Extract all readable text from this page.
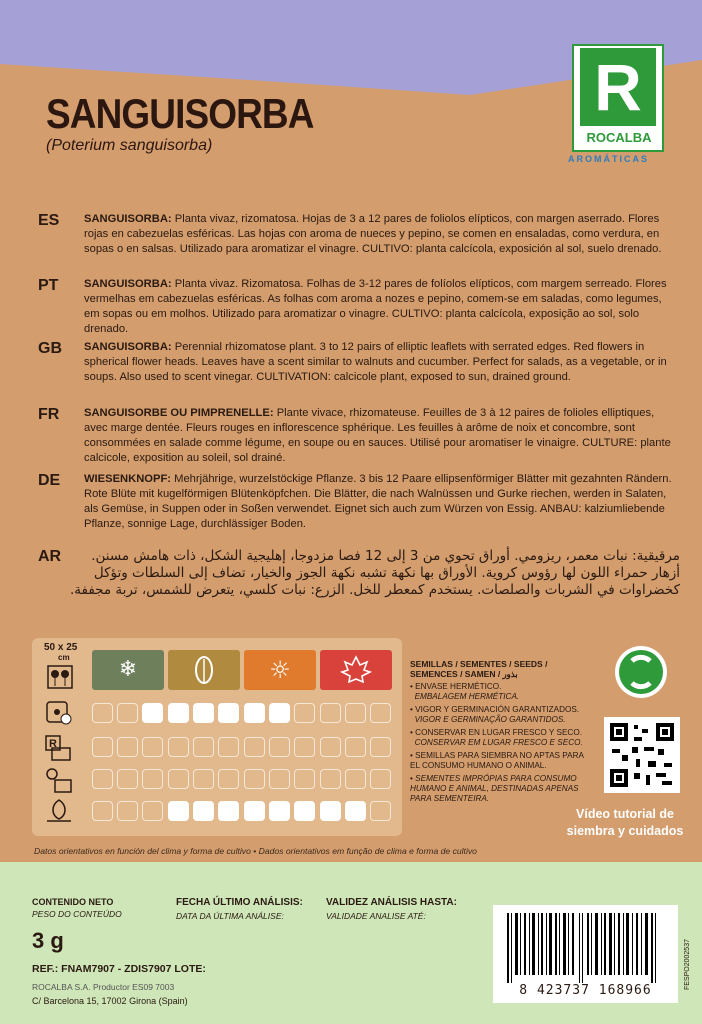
SANGUISORBA
(Poterium sanguisorba)
R
ROCALBA
AROMÁTICAS
ES SANGUISORBA: Planta vivaz, rizomatosa. Hojas de 3 a 12 pares de foliolos elípticos, con margen aserrado. Flores rojas en cabezuelas esféricas. Las hojas con aroma de nueces y pepino, se comen en ensaladas, como verdura, en sopas o en salsas. Utilizado para aromatizar el vinagre. CULTIVO: planta calcícola, exposición al sol, suelo drenado.
PT SANGUISORBA: Planta vivaz. Rizomatosa. Folhas de 3-12 pares de folíolos elípticos, com margem serreado. Flores vermelhas em cabezuelas esféricas. As folhas com aroma a nozes e pepino, comem-se em saladas, como legumes, em sopas ou em molhos. Utilizado para aromatizar o vinagre. CULTIVO: planta calcícola, exposição ao sol, solo drenado.
GB SANGUISORBA: Perennial rhizomatose plant. 3 to 12 pairs of elliptic leaflets with serrated edges. Red flowers in spherical flower heads. Leaves have a scent similar to walnuts and cucumber. Perfect for salads, as a vegetable, or in soups. Also used to scent vinegar. CULTIVATION: calcicole plant, exposed to sun, drained ground.
FR SANGUISORBE OU PIMPRENELLE: Plante vivace, rhizomateuse. Feuilles de 3 à 12 paires de folioles elliptiques, avec marge dentée. Fleurs rouges en inflorescence sphérique. Les feuilles à arôme de noix et concombre, sont consommées en salade comme légume, en soupe ou en sauces. Utilisé pour aromatiser le vinaigre. CULTURE: plante calcicole, exposition au soleil, sol drainé.
DE WIESENKNOPF: Mehrjährige, wurzelstöckige Pflanze. 3 bis 12 Paare ellipsenförmiger Blätter mit gezahnten Rändern. Rote Blüte mit kugelförmigen Blütenköpfchen. Die Blätter, die nach Walnüssen und Gurke riechen, werden in Salaten, als Gemüse, in Suppen oder in Soßen verwendet. Eignet sich auch zum Würzen von Essig. ANBAU: kalziumliebende Pflanze, sonnige Lage, durchlässiger Boden.
AR	مرقيقية: نبات معمر، ريزومي. أوراق تحوي من 3 إلى 12 فصا مزدوجا، إهليجية الشكل، ذات هامش مسنن. أزهار حمراء اللون لها رؤوس كروية. الأوراق بها نكهة تشبه نكهة الجوز والخيار، تضاف إلى السلطات وتؤكل كخضراوات في الشربات والصلصات. يستخدم كمعطر للخل. الزرع: نبات كلسي، يتعرض للشمس، تربة مجففة.
50 x 25
cm	❄	☼
R
SEMILLAS / SEMENTES / SEEDS /
SEMENCES / SAMEN / بذور
• ENVASE HERMÉTICO.
EMBALAGEM HERMÉTICA.
• VIGOR Y GERMINACIÓN GARANTIZADOS.
VIGOR E GERMINAÇÃO GARANTIDOS.
• CONSERVAR EN LUGAR FRESCO Y SECO.
CONSERVAR EM LUGAR FRESCO E SECO.
• SEMILLAS PARA SIEMBRA NO APTAS PARA EL CONSUMO HUMANO O ANIMAL.
• SEMENTES IMPRÓPIAS PARA CONSUMO HUMANO E ANIMAL, DESTINADAS APENAS PARA SEMENTEIRA.
Vídeo tutorial de
siembra y cuidados
Datos orientativos en función del clima y forma de cultivo • Dados orientativos em função de clima e forma de cultivo
CONTENIDO NETO
PESO DO CONTEÚDO
3 g
FECHA ÚLTIMO ANÁLISIS:
DATA DA ÚLTIMA ANÁLISE:
VALIDEZ ANÁLISIS HASTA:
VALIDADE ANALISE ATÉ:
REF.: FNAM7907 - ZDIS7907 LOTE:
ROCALBA S.A. Productor ES09 7003
C/ Barcelona 15, 17002 Girona (Spain)
8 423737 168966
FESPO2002537
